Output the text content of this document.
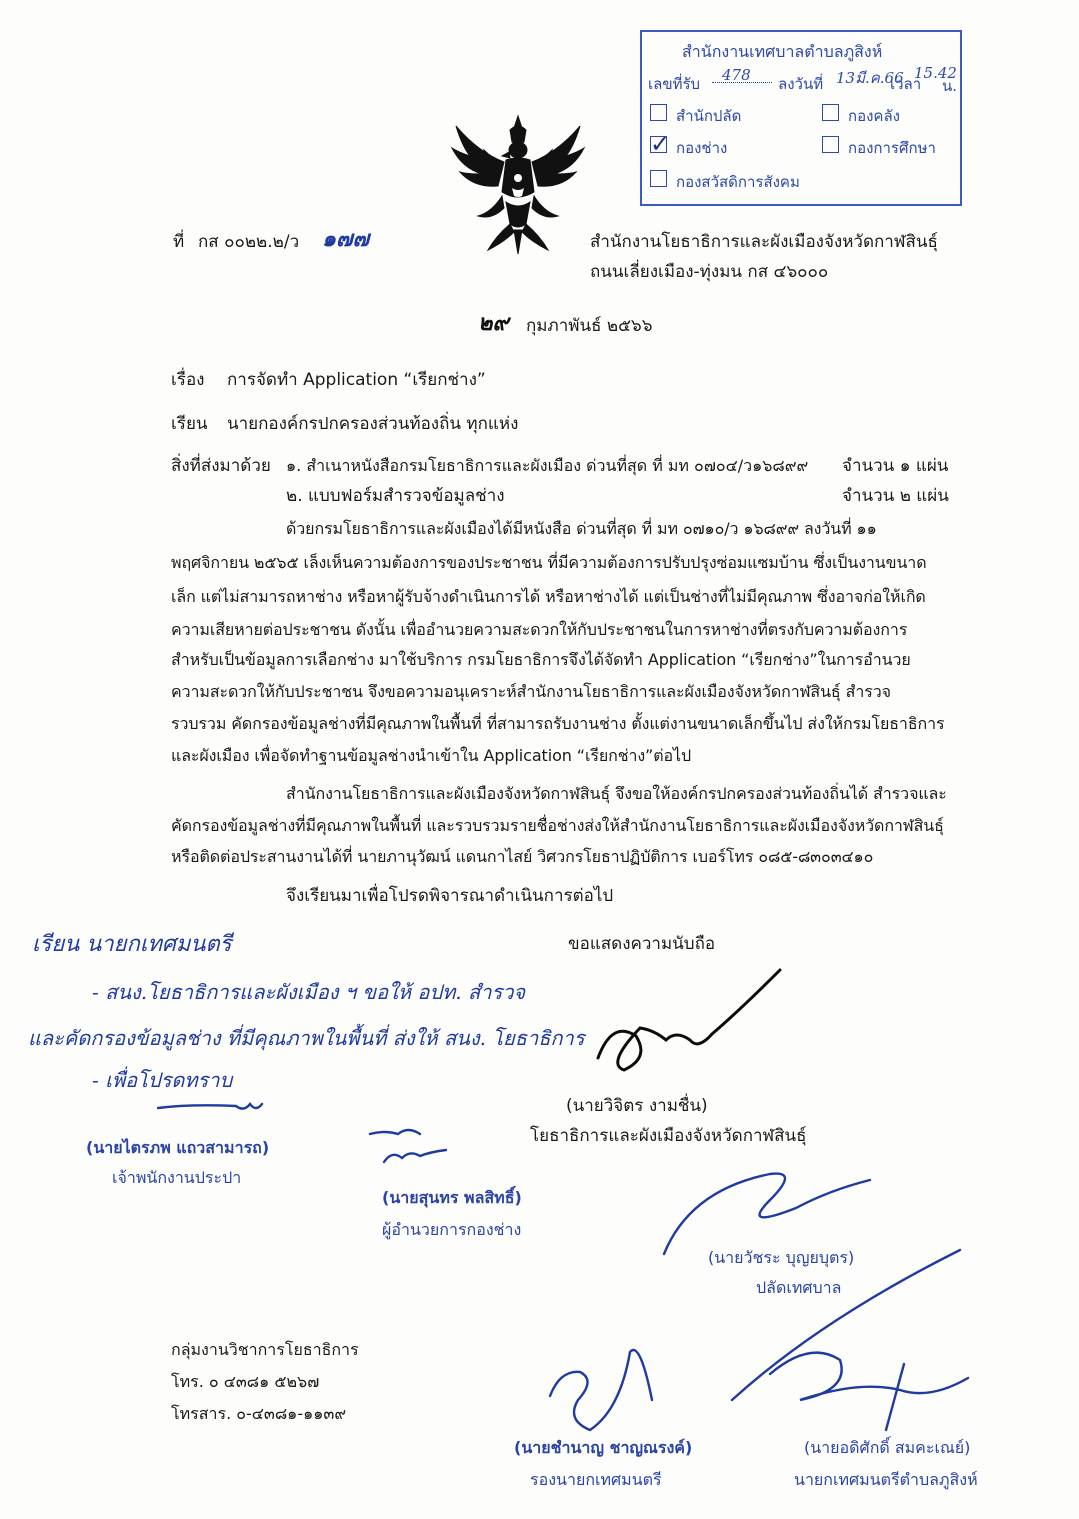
สำนักงานเทศบาลตำบลภูสิงห์
เลขที่รับ 478 ลงวันที่ 13มี.ค.66
เวลา
15.42
น.
สำนักปลัด	กองคลัง
✓ กองช่าง	กองการศึกษา
กองสวัสดิการสังคม
ที่ กส ๐๐๒๒.๒/ว ๑๗๗	สำนักงานโยธาธิการและผังเมืองจังหวัดกาฬสินธุ์
ถนนเลี่ยงเมือง-ทุ่งมน กส ๔๖๐๐๐
๒๙ กุมภาพันธ์ ๒๕๖๖
เรื่อง การจัดทำ Application “เรียกช่าง”
เรียน นายกองค์กรปกครองส่วนท้องถิ่น ทุกแห่ง
สิ่งที่ส่งมาด้วย ๑. สำเนาหนังสือกรมโยธาธิการและผังเมือง ด่วนที่สุด ที่ มท ๐๗๐๔/ว๑๖๘๙๙ จำนวน ๑ แผ่น
๒. แบบฟอร์มสำรวจข้อมูลช่าง	จำนวน ๒ แผ่น
ด้วยกรมโยธาธิการและผังเมืองได้มีหนังสือ ด่วนที่สุด ที่ มท ๐๗๑๐/ว ๑๖๘๙๙ ลงวันที่ ๑๑
พฤศจิกายน ๒๕๖๕ เล็งเห็นความต้องการของประชาชน ที่มีความต้องการปรับปรุงซ่อมแซมบ้าน ซึ่งเป็นงานขนาด
เล็ก แต่ไม่สามารถหาช่าง หรือหาผู้รับจ้างดำเนินการได้ หรือหาช่างได้ แต่เป็นช่างที่ไม่มีคุณภาพ ซึ่งอาจก่อให้เกิด
ความเสียหายต่อประชาชน ดังนั้น เพื่ออำนวยความสะดวกให้กับประชาชนในการหาช่างที่ตรงกับความต้องการ
สำหรับเป็นข้อมูลการเลือกช่าง มาใช้บริการ กรมโยธาธิการจึงได้จัดทำ Application “เรียกช่าง”ในการอำนวย
ความสะดวกให้กับประชาชน จึงขอความอนุเคราะห์สำนักงานโยธาธิการและผังเมืองจังหวัดกาฬสินธุ์ สำรวจ
รวบรวม คัดกรองข้อมูลช่างที่มีคุณภาพในพื้นที่ ที่สามารถรับงานช่าง ตั้งแต่งานขนาดเล็กขึ้นไป ส่งให้กรมโยธาธิการ
และผังเมือง เพื่อจัดทำฐานข้อมูลช่างนำเข้าใน Application “เรียกช่าง”ต่อไป
สำนักงานโยธาธิการและผังเมืองจังหวัดกาฬสินธุ์ จึงขอให้องค์กรปกครองส่วนท้องถิ่นได้ สำรวจและ
คัดกรองข้อมูลช่างที่มีคุณภาพในพื้นที่ และรวบรวมรายชื่อช่างส่งให้สำนักงานโยธาธิการและผังเมืองจังหวัดกาฬสินธุ์
หรือติดต่อประสานงานได้ที่ นายภานุวัฒน์ แดนกาไสย์ วิศวกรโยธาปฏิบัติการ เบอร์โทร ๐๘๕-๘๓๐๓๔๑๐
จึงเรียนมาเพื่อโปรดพิจารณาดำเนินการต่อไป
ขอแสดงความนับถือ
เรียน นายกเทศมนตรี
- สนง.โยธาธิการและผังเมือง ฯ ขอให้ อปท. สำรวจ
และคัดกรองข้อมูลช่าง ที่มีคุณภาพในพื้นที่ ส่งให้ สนง. โยธาธิการ
- เพื่อโปรดทราบ
(นายวิจิตร งามชื่น)
โยธาธิการและผังเมืองจังหวัดกาฬสินธุ์
(นายไตรภพ แถวสามารถ)
เจ้าพนักงานประปา
(นายสุนทร พลสิทธิ์)
ผู้อำนวยการกองช่าง
(นายวัชระ บุญยบุตร)
ปลัดเทศบาล
(นายชำนาญ ชาญณรงค์)
รองนายกเทศมนตรี
(นายอดิศักดิ์ สมคะเณย์)
นายกเทศมนตรีตำบลภูสิงห์
กลุ่มงานวิชาการโยธาธิการ
โทร. ๐ ๔๓๘๑ ๕๒๖๗
โทรสาร. ๐-๔๓๘๑-๑๑๓๙
